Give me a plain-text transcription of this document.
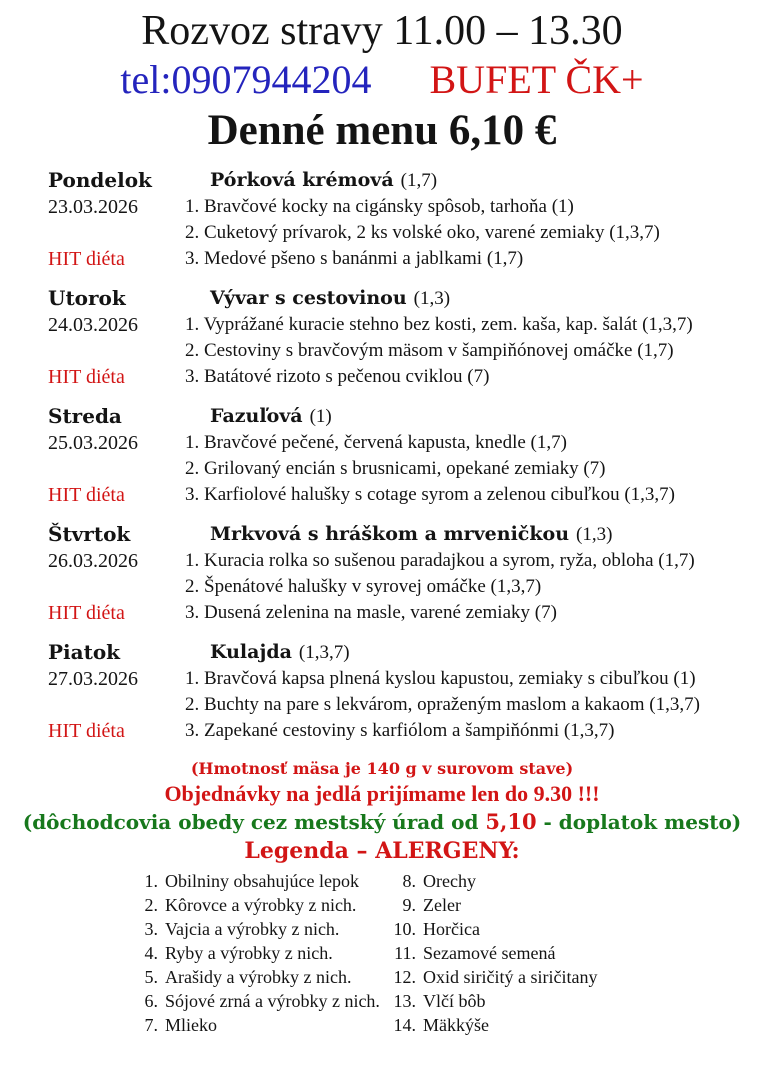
Rozvoz stravy 11.00 – 13.30
tel:0907944204 BUFET ČK+
Denné menu 6,10 €
Pondelok	Pórková krémová (1,7)
23.03.2026	1. Bravčové kocky na cigánsky spôsob, tarhoňa (1)
2. Cuketový prívarok, 2 ks volské oko, varené zemiaky (1,3,7)
HIT diéta	3. Medové pšeno s banánmi a jablkami (1,7)
Utorok	Vývar s cestovinou (1,3)
24.03.2026	1. Vyprážané kuracie stehno bez kosti, zem. kaša, kap. šalát (1,3,7)
2. Cestoviny s bravčovým mäsom v šampiňónovej omáčke (1,7)
HIT diéta	3. Batátové rizoto s pečenou cviklou (7)
Streda	Fazuľová (1)
25.03.2026	1. Bravčové pečené, červená kapusta, knedle (1,7)
2. Grilovaný encián s brusnicami, opekané zemiaky (7)
HIT diéta	3. Karfiolové halušky s cotage syrom a zelenou cibuľkou (1,3,7)
Štvrtok	Mrkvová s hráškom a mrveničkou (1,3)
26.03.2026	1. Kuracia rolka so sušenou paradajkou a syrom, ryža, obloha (1,7)
2. Špenátové halušky v syrovej omáčke (1,3,7)
HIT diéta	3. Dusená zelenina na masle, varené zemiaky (7)
Piatok	Kulajda (1,3,7)
27.03.2026	1. Bravčová kapsa plnená kyslou kapustou, zemiaky s cibuľkou (1)
2. Buchty na pare s lekvárom, opraženým maslom a kakaom (1,3,7)
HIT diéta	3. Zapekané cestoviny s karfiólom a šampiňónmi (1,3,7)
(Hmotnosť mäsa je 140 g v surovom stave)
Objednávky na jedlá prijímame len do 9.30 !!!
(dôchodcovia obedy cez mestský úrad od 5,10 - doplatok mesto)
Legenda – ALERGENY:
1. Obilniny obsahujúce lepok
2. Kôrovce a výrobky z nich.
3. Vajcia a výrobky z nich.
4. Ryby a výrobky z nich.
5. Arašidy a výrobky z nich.
6. Sójové zrná a výrobky z nich.
7. Mlieko
8. Orechy
9. Zeler
10. Horčica
11. Sezamové semená
12. Oxid siričitý a siričitany
13. Vlčí bôb
14. Mäkkýše
